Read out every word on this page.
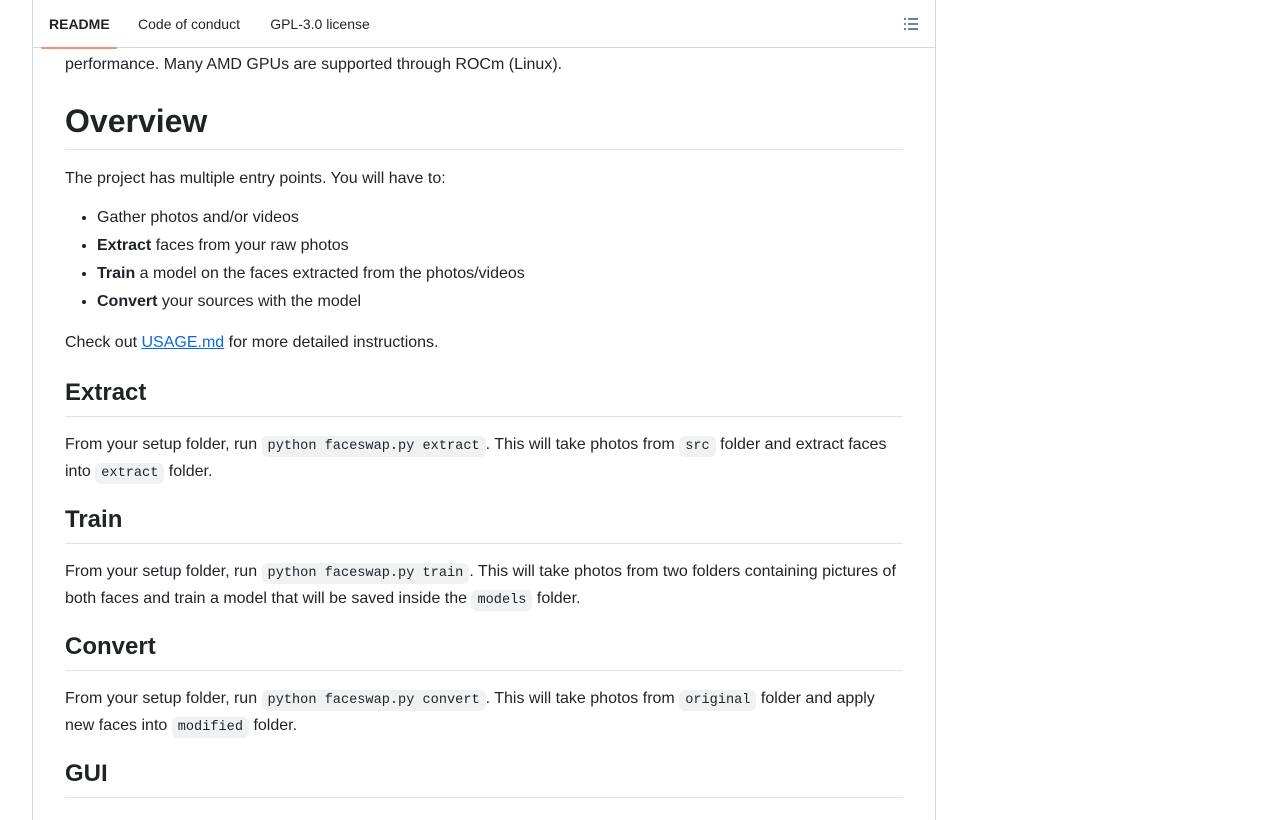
performance. Many AMD GPUs are supported through ROCm (Linux).

Overview

The project has multiple entry points. You will have to:

• Gather photos and/or videos
• Extract faces from your raw photos
• Train a model on the faces extracted from the photos/videos
• Convert your sources with the model

Check out USAGE.md for more detailed instructions.

Extract

From your setup folder, run python faceswap.py extract . This will take photos from src folder and extract faces into extract folder.

Train

From your setup folder, run python faceswap.py train . This will take photos from two folders containing pictures of both faces and train a model that will be saved inside the models folder.

Convert

From your setup folder, run python faceswap.py convert . This will take photos from original folder and apply new faces into modified folder.

GUI
README Code of conduct GPL-3.0 license
